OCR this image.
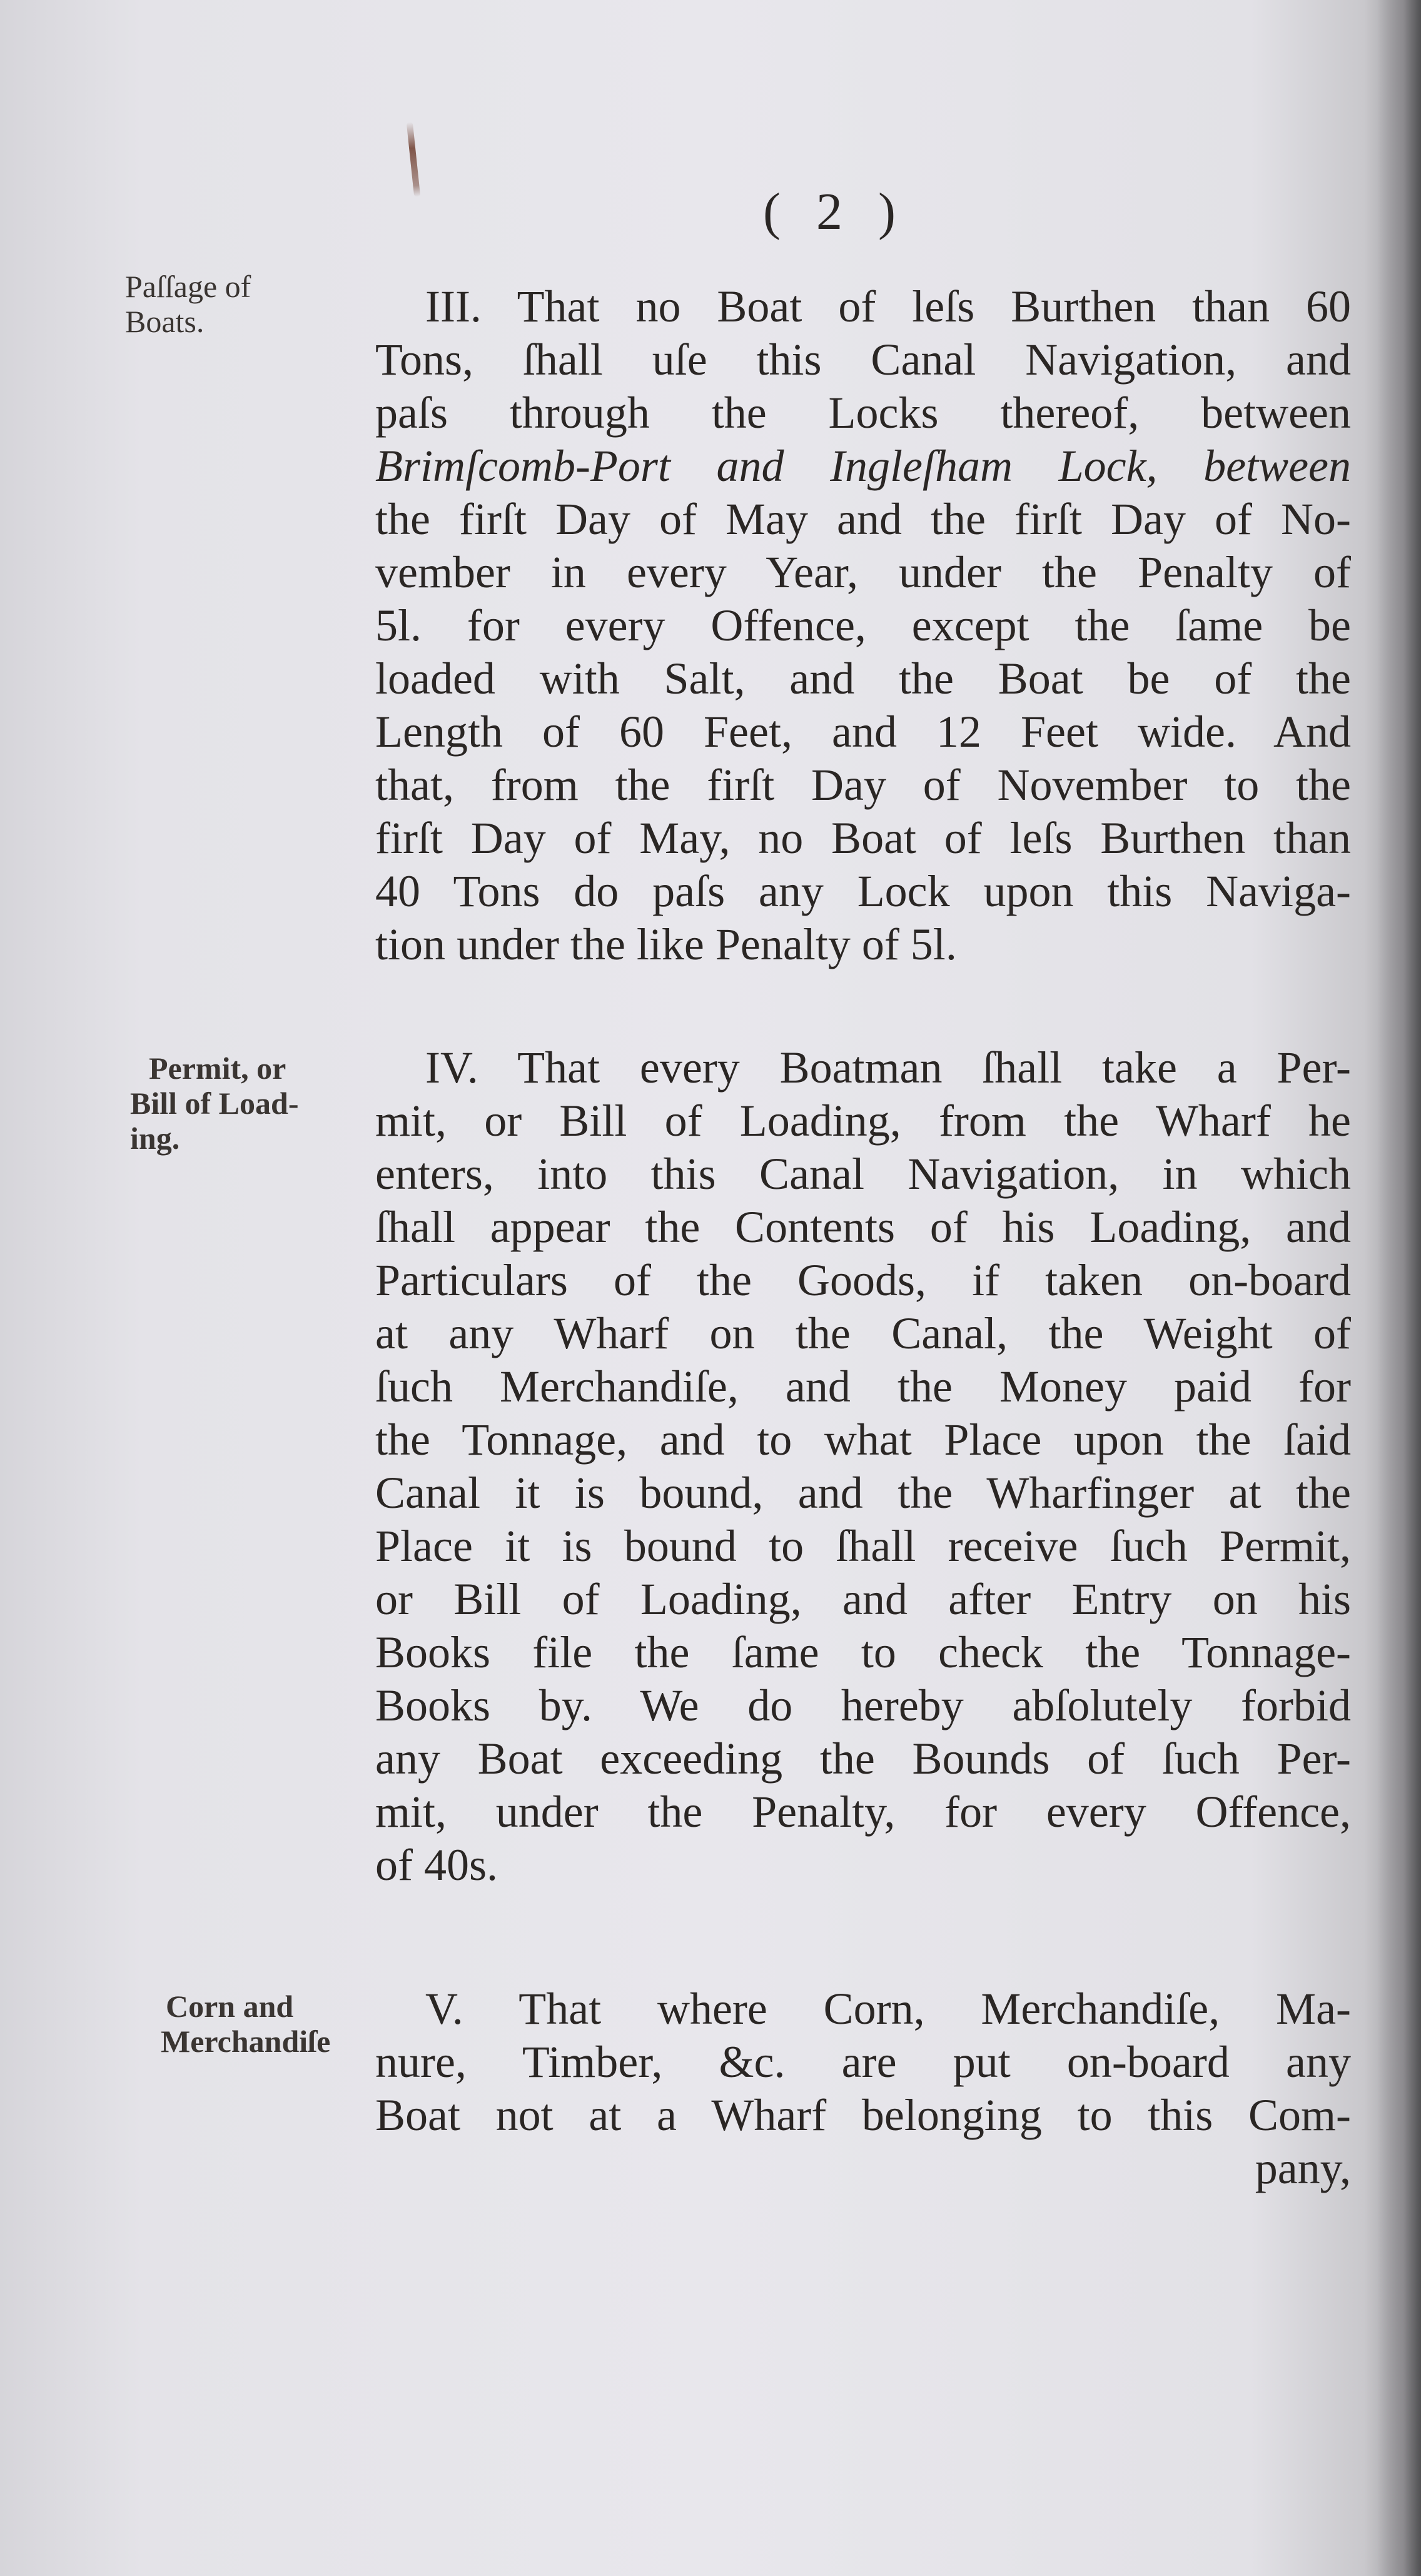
( 2 )
Paſſage of
Boats.
Permit, or
Bill of Load-
ing.
Corn and
Merchandiſe
III. That no Boat of leſs Burthen than 60
Tons, ſhall uſe this Canal Navigation, and
paſs through the Locks thereof, between
Brimſcomb-Port and Ingleſham Lock, between
the firſt Day of May and the firſt Day of No-
vember in every Year, under the Penalty of
5l. for every Offence, except the ſame be
loaded with Salt, and the Boat be of the
Length of 60 Feet, and 12 Feet wide. And
that, from the firſt Day of November to the
firſt Day of May, no Boat of leſs Burthen than
40 Tons do paſs any Lock upon this Naviga-
tion under the like Penalty of 5l.
IV. That every Boatman ſhall take a Per-
mit, or Bill of Loading, from the Wharf he
enters, into this Canal Navigation, in which
ſhall appear the Contents of his Loading, and
Particulars of the Goods, if taken on-board
at any Wharf on the Canal, the Weight of
ſuch Merchandiſe, and the Money paid for
the Tonnage, and to what Place upon the ſaid
Canal it is bound, and the Wharfinger at the
Place it is bound to ſhall receive ſuch Permit,
or Bill of Loading, and after Entry on his
Books file the ſame to check the Tonnage-
Books by. We do hereby abſolutely forbid
any Boat exceeding the Bounds of ſuch Per-
mit, under the Penalty, for every Offence,
of 40s.
V. That where Corn, Merchandiſe, Ma-
nure, Timber, &c. are put on-board any
Boat not at a Wharf belonging to this Com-
pany,
